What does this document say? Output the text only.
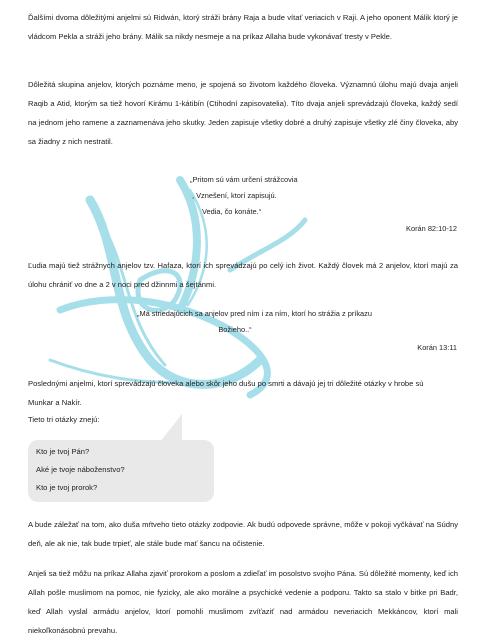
Ďalšími dvoma dôležitými anjelmi sú Ridwán, ktorý stráži brány Raja a bude vítať veriacich v Raji. A jeho oponent Málik ktorý je vládcom Pekla a stráži jeho brány. Málik sa nikdy nesmeje a na príkaz Allaha bude vykonávať tresty v Pekle.

Dôležitá skupina anjelov, ktorých poznáme meno, je spojená so životom každého človeka. Významnú úlohu majú dvaja anjeli Raqib a Atid, ktorým sa tiež hovorí Kirámu 1-kátibín (Ctihodní zapisovatelia). Títo dvaja anjeli sprevádzajú človeka, každý sedí na jednom jeho ramene a zaznamenáva jeho skutky. Jeden zapisuje všetky dobré a druhý zapisuje všetky zlé činy človeka, aby sa žiadny z nich nestratil.

„Pritom sú vám určení strážcovia
, Vznešení, ktorí zapisujú.
Vedia, čo konáte.“
Korán 82:10-12

Ľudia majú tiež strážnych anjelov tzv. Hafaza, ktorí ich sprevádzajú po celý ich život. Každý človek má 2 anjelov, ktorí majú za úlohu chrániť vo dne a 2 v noci pred džinnmi a šejtánmi.

„Má striedajúcich sa anjelov pred ním i za ním, ktorí ho strážia z príkazu
Božieho..“
Korán 13:11

Poslednými anjelmi, ktorí sprevádzajú človeka alebo skôr jeho dušu po smrti a dávajú jej tri dôležité otázky v hrobe sú Munkar a Nakír.

Tieto tri otázky znejú:

Kto je tvoj Pán?
Aké je tvoje náboženstvo?
Kto je tvoj prorok?

A bude záležať na tom, ako duša mŕtveho tieto otázky zodpovie. Ak budú odpovede správne, môže v pokoji vyčkávať na Súdny deň, ale ak nie, tak bude trpieť, ale stále bude mať šancu na očistenie.

Anjeli sa tiež môžu na príkaz Allaha zjaviť prorokom a poslom a zdieľať im posolstvo svojho Pána. Sú dôležité momenty, keď ich Allah pošle muslimom na pomoc, nie fyzicky, ale ako morálne a psychické vedenie a podporu. Takto sa stalo v bitke pri Badr, keď Allah vyslal armádu anjelov, ktorí pomohli muslimom zvíťaziť nad armádou neveriacich Mekkáncov, ktorí mali niekoľkonásobnú prevahu.
